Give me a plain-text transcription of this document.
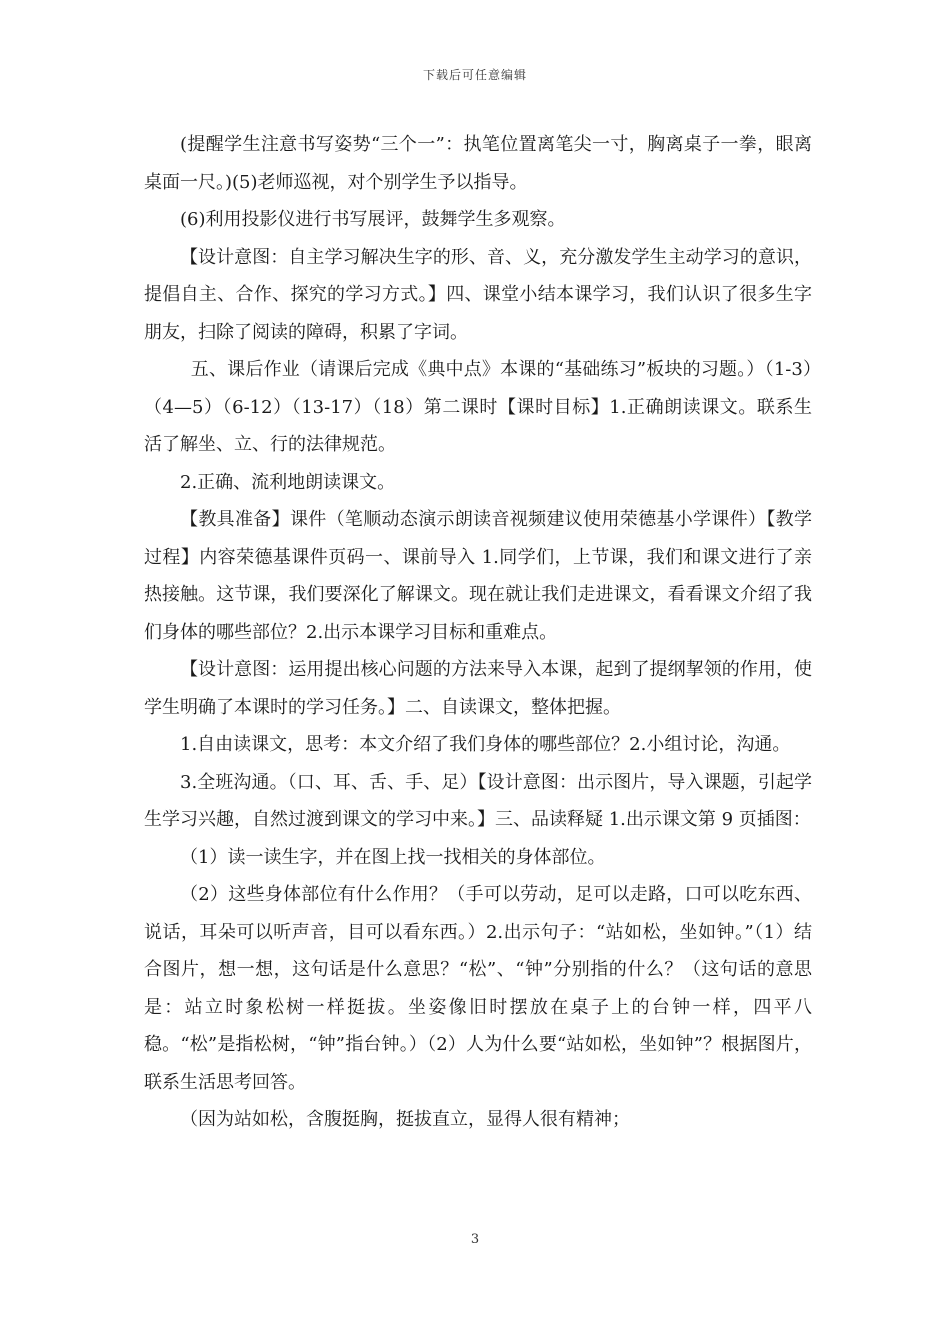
下载后可任意编辑

(提醒学生注意书写姿势“三个一”：执笔位置离笔尖一寸，胸离桌子一拳，眼离桌面一尺。)(5)老师巡视，对个别学生予以指导。

(6)利用投影仪进行书写展评，鼓舞学生多观察。

【设计意图：自主学习解决生字的形、音、义，充分激发学生主动学习的意识，提倡自主、合作、探究的学习方式。】四、课堂小结本课学习，我们认识了很多生字朋友，扫除了阅读的障碍，积累了字词。

五、课后作业（请课后完成《典中点》本课的“基础练习”板块的习题。）（1-3）（4—5）（6-12）（13-17）（18）第二课时【课时目标】1.正确朗读课文。联系生活了解坐、立、行的法律规范。

2.正确、流利地朗读课文。

【教具准备】课件（笔顺动态演示朗读音视频建议使用荣德基小学课件）【教学过程】内容荣德基课件页码一、课前导入 1.同学们，上节课，我们和课文进行了亲热接触。这节课，我们要深化了解课文。现在就让我们走进课文，看看课文介绍了我们身体的哪些部位？2.出示本课学习目标和重难点。

【设计意图：运用提出核心问题的方法来导入本课，起到了提纲挈领的作用，使学生明确了本课时的学习任务。】二、自读课文，整体把握。

1.自由读课文，思考：本文介绍了我们身体的哪些部位？2.小组讨论，沟通。

3.全班沟通。（口、耳、舌、手、足）【设计意图：出示图片，导入课题，引起学生学习兴趣，自然过渡到课文的学习中来。】三、品读释疑 1.出示课文第 9 页插图：

（1）读一读生字，并在图上找一找相关的身体部位。

（2）这些身体部位有什么作用？（手可以劳动，足可以走路，口可以吃东西、说话，耳朵可以听声音，目可以看东西。）2.出示句子：“站如松，坐如钟。”（1）结合图片，想一想，这句话是什么意思？“松”、“钟”分别指的什么？（这句话的意思是：站立时象松树一样挺拔。坐姿像旧时摆放在桌子上的台钟一样，四平八稳。“松”是指松树，“钟”指台钟。）（2）人为什么要“站如松，坐如钟”？根据图片，联系生活思考回答。

（因为站如松，含腹挺胸，挺拔直立，显得人很有精神；

3
